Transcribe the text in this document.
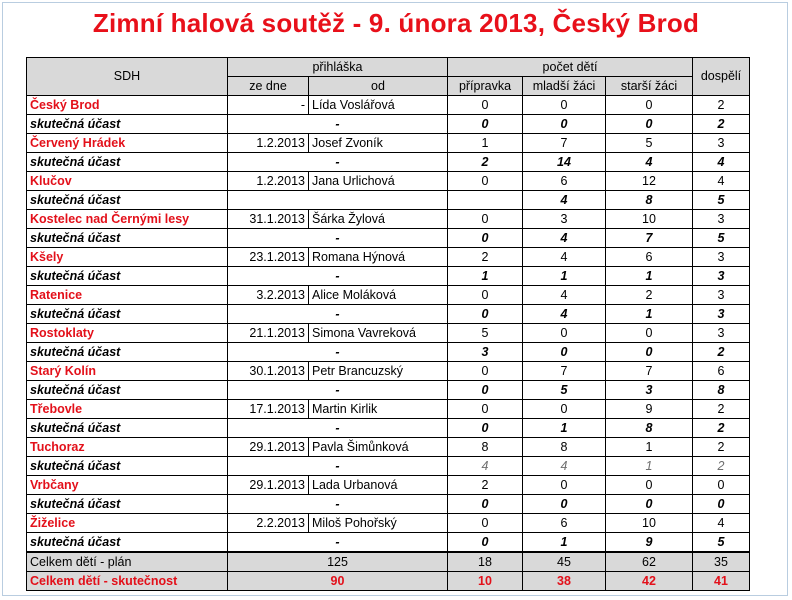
Zimní halová soutěž - 9. února 2013, Český Brod
SDH	přihláška		počet dětí			dospělí
	ze dne	od	přípravka	mladší žáci	starší žáci	
Český Brod	-	Lída Voslářová	0	0	0	2
skutečná účast	-		0	0	0	2
Červený Hrádek	1.2.2013	Josef Zvoník	1	7	5	3
skutečná účast	-		2	14	4	4
Klučov	1.2.2013	Jana Urlichová	0	6	12	4
skutečná účast				4	8	5
Kostelec nad Černými lesy	31.1.2013	Šárka Žylová	0	3	10	3
skutečná účast	-		0	4	7	5
Kšely	23.1.2013	Romana Hýnová	2	4	6	3
skutečná účast	-		1	1	1	3
Ratenice	3.2.2013	Alice Moláková	0	4	2	3
skutečná účast	-		0	4	1	3
Rostoklaty	21.1.2013	Simona Vavreková	5	0	0	3
skutečná účast	-		3	0	0	2
Starý Kolín	30.1.2013	Petr Brancuzský	0	7	7	6
skutečná účast	-		0	5	3	8
Třebovle	17.1.2013	Martin Kirlik	0	0	9	2
skutečná účast	-		0	1	8	2
Tuchoraz	29.1.2013	Pavla Šimůnková	8	8	1	2
skutečná účast	-		4	4	1	2
Vrbčany	29.1.2013	Lada Urbanová	2	0	0	0
skutečná účast	-		0	0	0	0
Žiželice	2.2.2013	Miloš Pohořský	0	6	10	4
skutečná účast	-		0	1	9	5
Celkem dětí - plán	125		18	45	62	35
Celkem dětí - skutečnost	90		10	38	42	41
